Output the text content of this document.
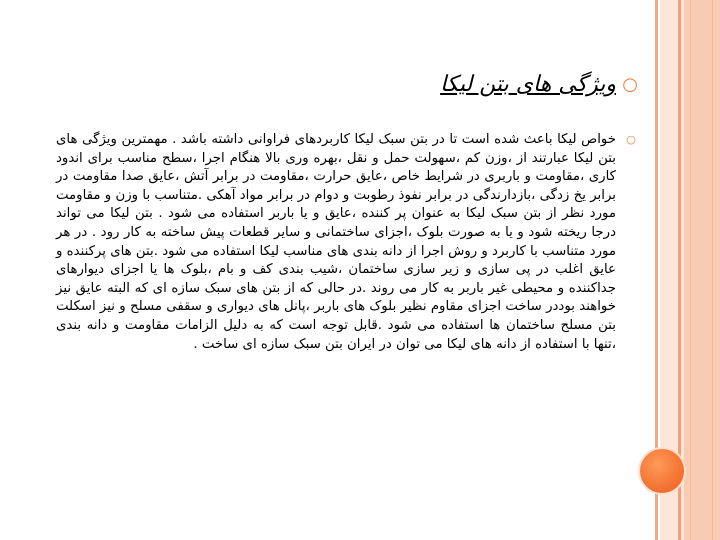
○
ویژگی های بتن لیکا
○
خواص لیکا باعث شده است تا در بتن سبک لیکا کاربردهای فراوانی داشته باشد . مهمترین ویژگی های بتن لیکا عبارتند از ،وزن کم ،سهولت حمل و نقل ،بهره وری بالا هنگام اجرا ،سطح مناسب برای اندود کاری ،مقاومت و باربری در شرایط خاص ،عایق حرارت ،مقاومت در برابر آتش ،عایق صدا مقاومت در برابر یخ زدگی ،بازدارندگی در برابر نفوذ رطوبت و دوام در برابر مواد آهکی .متناسب با وزن و مقاومت مورد نظر از بتن سبک لیکا به عنوان پر کننده ،عایق و یا باربر استفاده می شود . بتن لیکا می تواند درجا ریخته شود و یا به صورت بلوک ،اجزای ساختمانی و سایر قطعات پیش ساخته به کار رود . در هر مورد متناسب با کاربرد و روش اجرا از دانه بندی های مناسب لیکا استفاده می شود .بتن های پرکننده و عایق اغلب در پی سازی و زیر سازی ساختمان ،شیب بندی کف و بام ،بلوک ها یا اجزای دیوارهای جداکننده و محیطی غیر باربر به کار می روند .در حالی که از بتن های سبک سازه ای که البته عایق نیز خواهند بوددر ساخت اجزای مقاوم نظیر بلوک های باربر ،پانل های دیواری و سقفی مسلح و نیز اسکلت بتن مسلح ساختمان ها استفاده می شود .قابل توجه است که به دلیل الزامات مقاومت و دانه بندی ،تنها با استفاده از دانه های لیکا می توان در ایران بتن سبک سازه ای ساخت .
